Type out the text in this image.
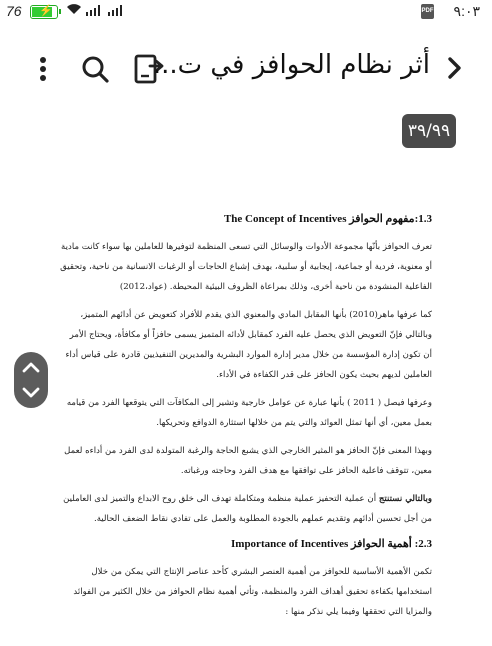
76 ⚡	PDF ٩:٠٣
أثر نظام الحوافز في ت...
٣٩/٩٩

1.3:مفهوم الحوافز The Concept of Incentives

تعرف الحوافز بأنّها مجموعة الأدوات والوسائل التي تسعى المنظمة لتوفيرها للعاملين بها سواء كانت مادية أو معنوية، فردية أو جماعية، إيجابية أو سلبية، بهدف إشباع الحاجات أو الرغبات الانسانية من ناحية، وتحقيق الفاعلية المنشودة من ناحية أخرى، وذلك بمراعاة الظروف البيئية المحيطة. (عواد،2012)

كما عرفها ماهر(2010) بأنها المقابل المادي والمعنوي الذي يقدم للأفراد كتعويض عن أدائهم المتميز، وبالتالي فإنّ التعويض الذي يحصل عليه الفرد كمقابل لأدائه المتميز يسمى حافزاً أو مكافأة، ويحتاج الأمر أن تكون إدارة المؤسسة من خلال مدير إدارة الموارد البشرية والمديرين التنفيذيين قادرة على قياس أداء العاملين لديهم بحيث يكون الحافز على قدر الكفاءة في الأداء.

وعرفها فيصل ( 2011 ) بأنها عبارة عن عوامل خارجية وتشير إلى المكافآت التي يتوقعها الفرد من قيامه بعمل معين، أي أنها تمثل العوائد والتي يتم من خلالها استثارة الدوافع وتحريكها.

وبهذا المعنى فإنّ الحافز هو المثير الخارجي الذي يشبع الحاجة والرغبة المتولدة لدى الفرد من أداءه لعمل معين، تتوقف فاعلية الحافز على توافقها مع هدف الفرد وحاجته ورغباته.

وبالتالي نستنتج أن عملية التحفيز عملية منظمة ومتكاملة تهدف الى خلق روح الابداع والتميز لدى العاملين من أجل تحسين أدائهم وتقديم عملهم بالجودة المطلوبة والعمل على تفادي نقاط الضعف الحالية.

2.3: أهمية الحوافز Importance of Incentives

تكمن الأهمية الأساسية للحوافز من أهمية العنصر البشري كأحد عناصر الإنتاج التي يمكن من خلال استخدامها بكفاءة تحقيق أهداف الفرد والمنظمة، وتأتي أهمية نظام الحوافز من خلال الكثير من الفوائد والمزايا التي تحققها وفيما يلي نذكر منها :
